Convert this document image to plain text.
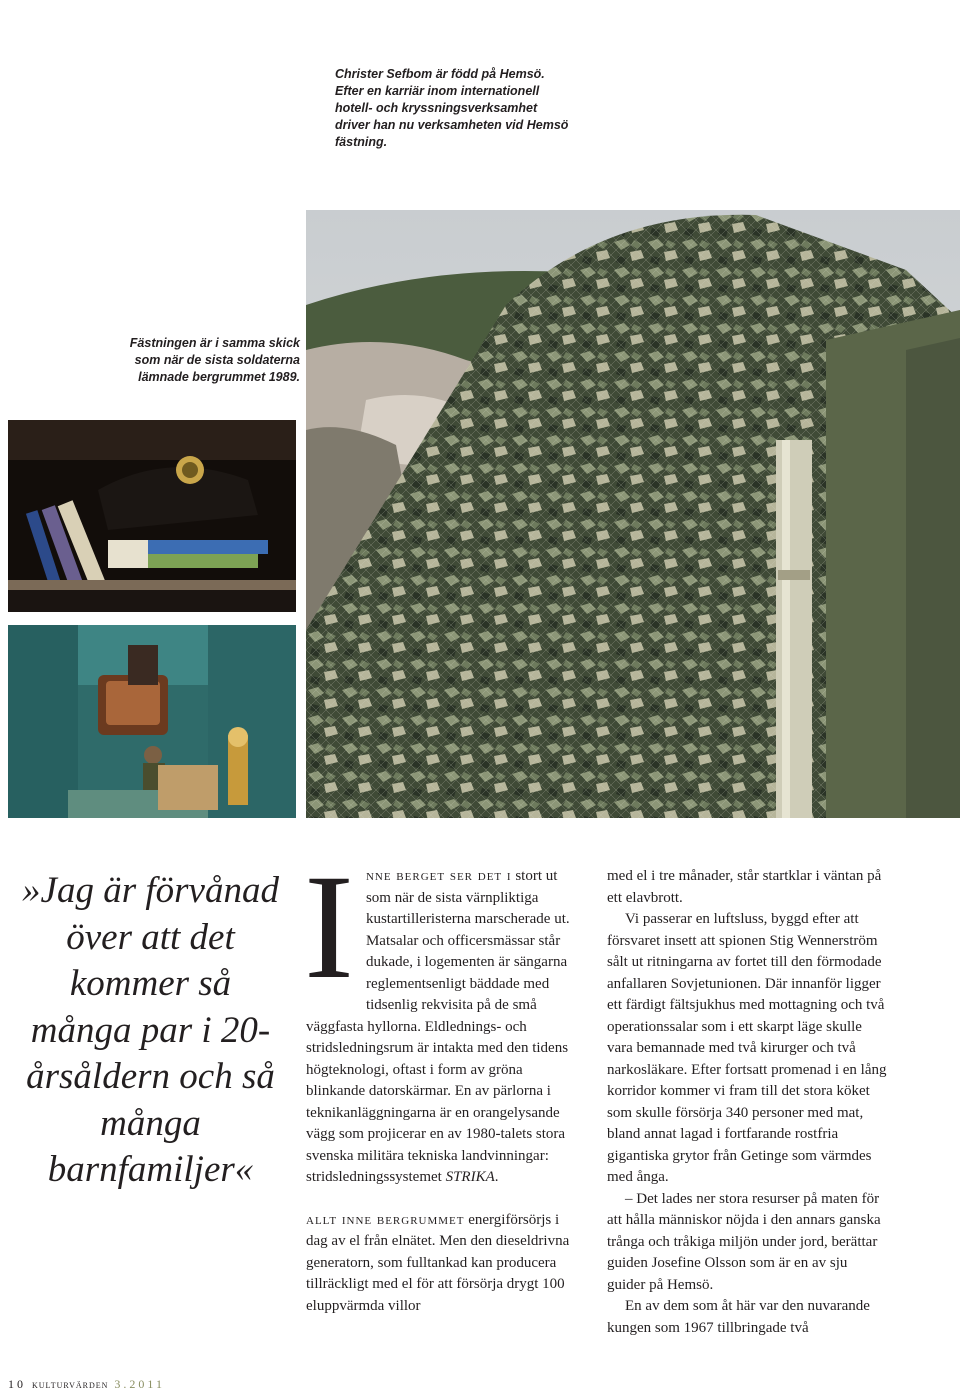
Christer Sefbom är född på Hemsö. Efter en karriär inom internationell hotell- och kryssningsverksamhet driver han nu verksamheten vid Hemsö fästning.
Fästningen är i samma skick som när de sista soldaterna lämnade bergrummet 1989.
»Jag är förvånad över att det kommer så många par i 20-årsåldern och så många barnfamiljer«

Inne berget ser det i stort ut som när de sista värnpliktiga kustartilleristerna marscherade ut. Matsalar och officersmässar står dukade, i logementen är sängarna reglementsenligt bäddade med tidsenlig rekvisita på de små väggfasta hyllorna. Eldlednings- och stridsledningsrum är intakta med den tidens högteknologi, oftast i form av gröna blinkande datorskärmar. En av pärlorna i teknikanläggningarna är en orangelysande vägg som projicerar en av 1980-talets stora svenska militära tekniska landvinningar: stridsledningssystemet STRIKA.

allt inne bergrummet energiförsörjs i dag av el från elnätet. Men den dieseldrivna generatorn, som fulltankad kan producera tillräckligt med el för att försörja drygt 100 eluppvärmda villor

med el i tre månader, står startklar i väntan på ett elavbrott.

Vi passerar en luftsluss, byggd efter att försvaret insett att spionen Stig Wennerström sålt ut ritningarna av fortet till den förmodade anfallaren Sovjetunionen. Där innanför ligger ett färdigt fältsjukhus med mottagning och två operationssalar som i ett skarpt läge skulle vara bemannade med två kirurger och två narkosläkare. Efter fortsatt promenad i en lång korridor kommer vi fram till det stora köket som skulle försörja 340 personer med mat, bland annat lagad i fortfarande rostfria gigantiska grytor från Getinge som värmdes med ånga.

– Det lades ner stora resurser på maten för att hålla människor nöjda i den annars ganska trånga och tråkiga miljön under jord, berättar guiden Josefine Olsson som är en av sju guider på Hemsö.

En av dem som åt här var den nuvarande kungen som 1967 tillbringade två

10 kulturvärden 3.2011
